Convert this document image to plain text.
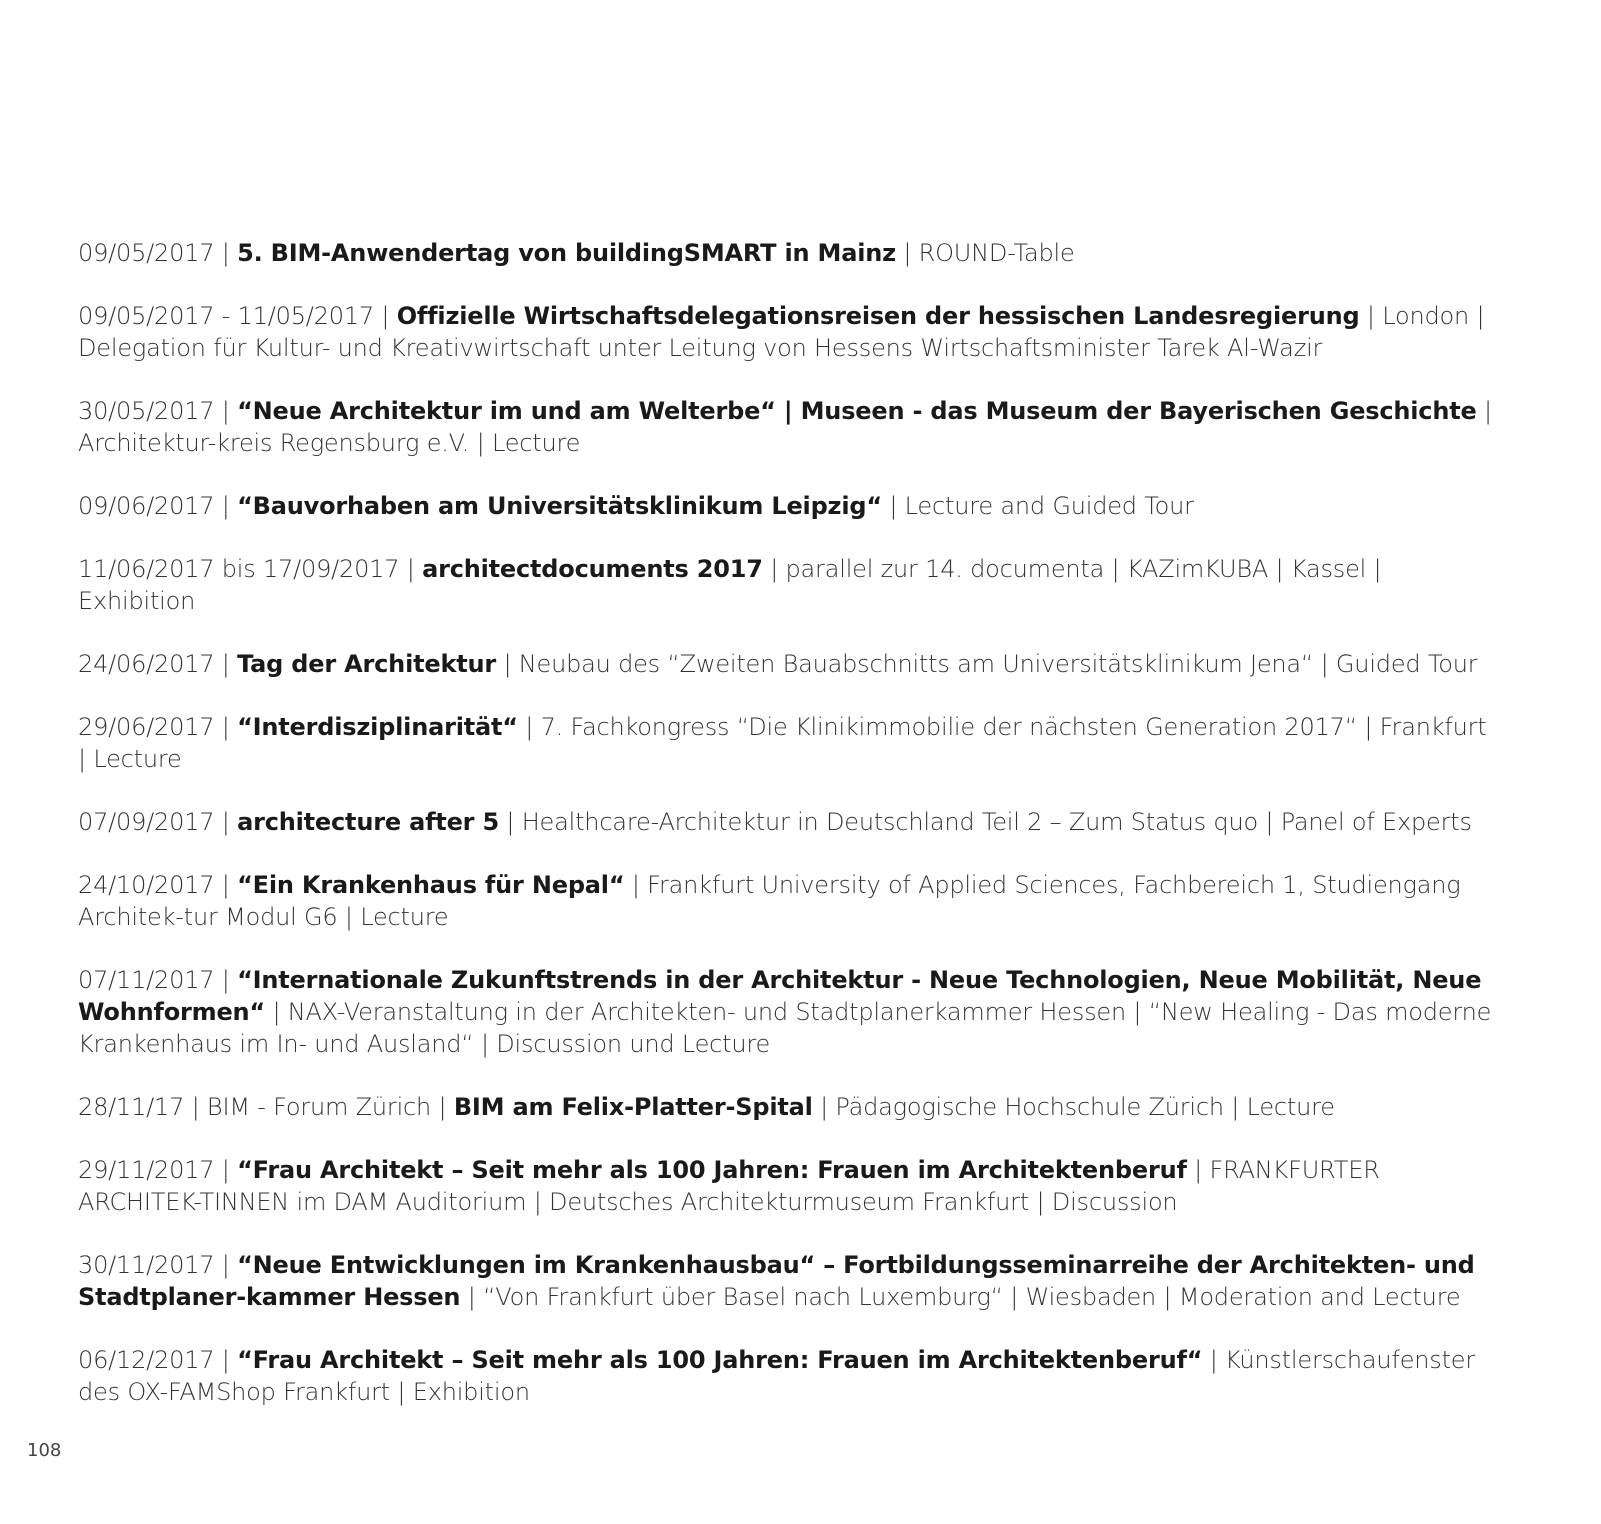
09/05/2017 | 5. BIM-Anwendertag von buildingSMART in Mainz | ROUND-Table

09/05/2017 - 11/05/2017 | Offizielle Wirtschaftsdelegationsreisen der hessischen Landesregierung | London | Delegation für Kultur- und Kreativwirtschaft unter Leitung von Hessens Wirtschaftsminister Tarek Al-Wazir

30/05/2017 | “Neue Architektur im und am Welterbe“ | Museen - das Museum der Bayerischen Geschichte | Architektur-kreis Regensburg e.V. | Lecture

09/06/2017 | “Bauvorhaben am Universitätsklinikum Leipzig“ | Lecture and Guided Tour

11/06/2017 bis 17/09/2017 | architectdocuments 2017 | parallel zur 14. documenta | KAZimKUBA | Kassel | Exhibition

24/06/2017 | Tag der Architektur | Neubau des “Zweiten Bauabschnitts am Universitätsklinikum Jena“ | Guided Tour

29/06/2017 | “Interdisziplinarität“ | 7. Fachkongress “Die Klinikimmobilie der nächsten Generation 2017“ | Frankfurt | Lecture

07/09/2017 | architecture after 5 | Healthcare-Architektur in Deutschland Teil 2 – Zum Status quo | Panel of Experts

24/10/2017 | “Ein Krankenhaus für Nepal“ | Frankfurt University of Applied Sciences, Fachbereich 1, Studiengang Architek-tur Modul G6 | Lecture

07/11/2017 | “Internationale Zukunftstrends in der Architektur - Neue Technologien, Neue Mobilität, Neue Wohnformen“ | NAX-Veranstaltung in der Architekten- und Stadtplanerkammer Hessen | “New Healing - Das moderne Krankenhaus im In- und Ausland“ | Discussion und Lecture

28/11/17 | BIM - Forum Zürich | BIM am Felix-Platter-Spital | Pädagogische Hochschule Zürich | Lecture

29/11/2017 | “Frau Architekt – Seit mehr als 100 Jahren: Frauen im Architektenberuf | FRANKFURTER ARCHITEK-TINNEN im DAM Auditorium | Deutsches Architekturmuseum Frankfurt | Discussion

30/11/2017 | “Neue Entwicklungen im Krankenhausbau“ – Fortbildungsseminarreihe der Architekten- und Stadtplaner-kammer Hessen | “Von Frankfurt über Basel nach Luxemburg“ | Wiesbaden | Moderation and Lecture

06/12/2017 | “Frau Architekt – Seit mehr als 100 Jahren: Frauen im Architektenberuf“ | Künstlerschaufenster des OX-FAMShop Frankfurt | Exhibition

108
